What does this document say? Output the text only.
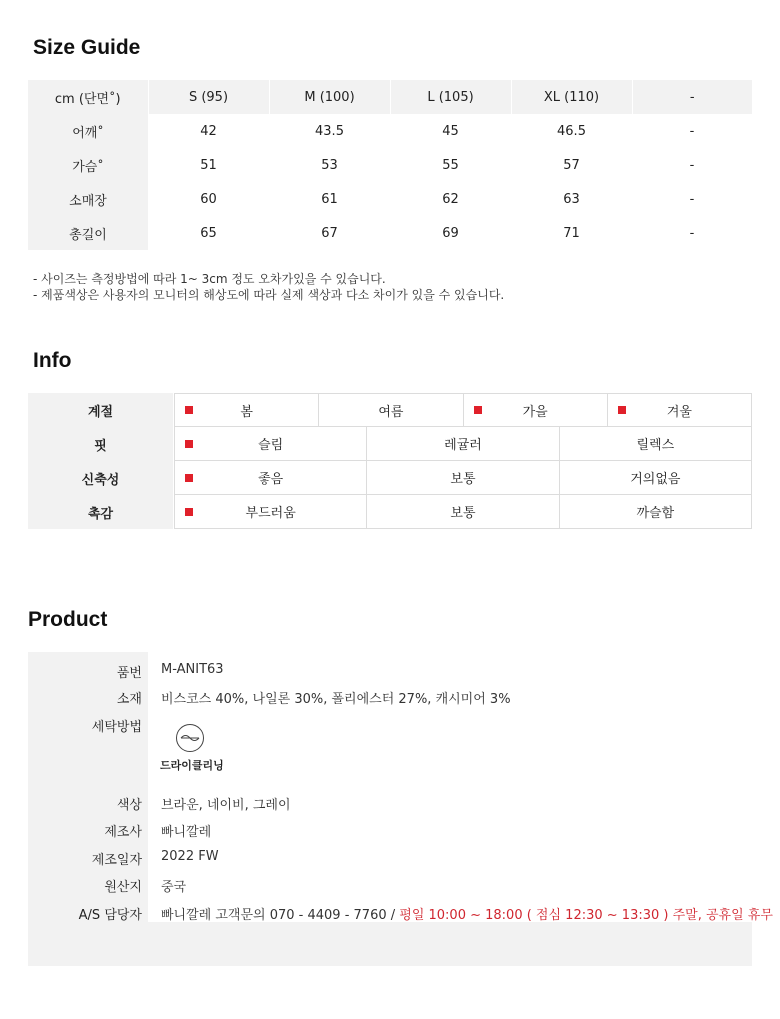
Size Guide
cm (단면˚)	S (95)	M (100)	L (105)	XL (110)	-
어깨˚	42	43.5	45	46.5	-
가슴˚	51	53	55	57	-
소매장	60	61	62	63	-
총길이	65	67	69	71	-

- 사이즈는 측정방법에 따라 1~ 3cm 정도 오차가있을 수 있습니다.

- 제품색상은 사용자의 모니터의 해상도에 따라 실제 색상과 다소 차이가 있을 수 있습니다.

Info
계절	봄	여름	가을	겨울
핏	슬림	레귤러	릴렉스
신축성	좋음	보통	거의없음
촉감	부드러움	보통	까슬함
Product
품번 M-ANIT63
소재 비스코스 40%, 나일론 30%, 폴리에스터 27%, 캐시미어 3%
세탁방법
드라이클리닝
색상 브라운, 네이비, 그레이
제조사 빠니깔레
제조일자 2022 FW
원산지 중국
A/S 담당자 빠니깔레 고객문의 070 - 4409 - 7760 / 평일 10:00 ~ 18:00 ( 점심 12:30 ~ 13:30 ) 주말, 공휴일 휴무
